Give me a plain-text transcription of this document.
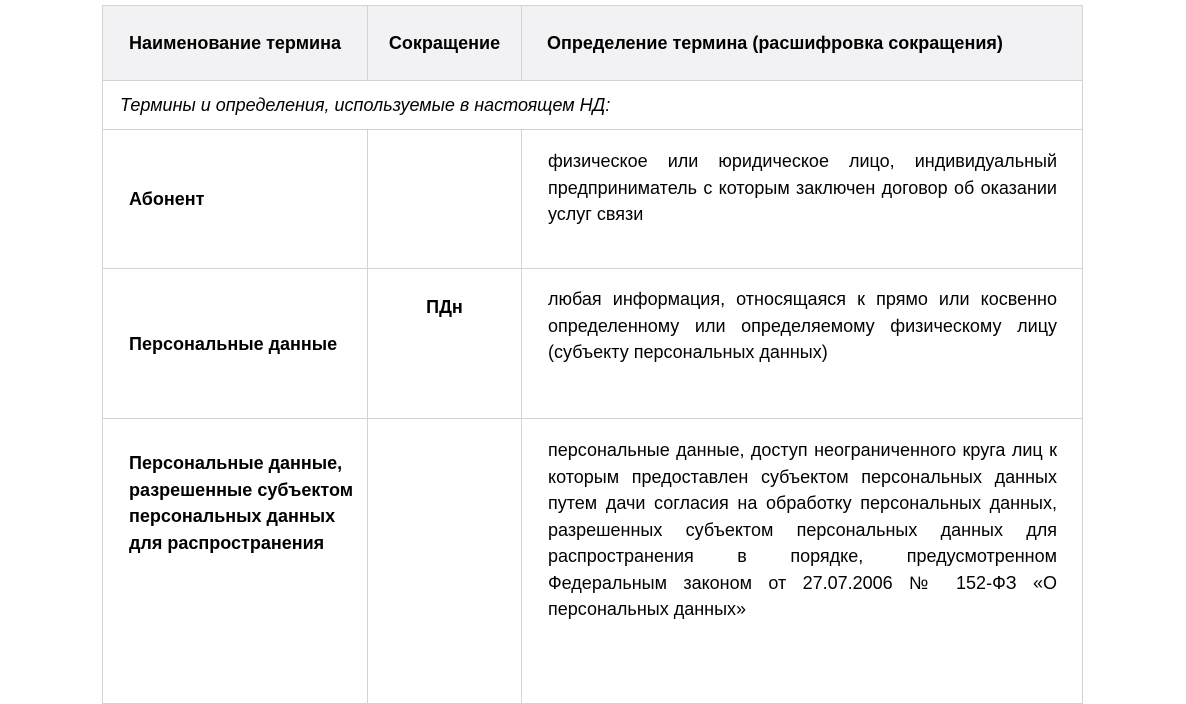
Наименование термина	Сокращение	Определение термина (расшифровка сокращения)
Термины и определения, используемые в настоящем НД:		
Абонент		физическое или юридическое лицо, индивидуальный предприниматель с которым заключен договор об оказании услуг связи
Персональные данные	ПДн	любая информация, относящаяся к прямо или косвенно определенному или определяемому физическому лицу (субъекту персональных данных)
Персональные данные, разрешенные субъектом персональных данных для распространения		персональные данные, доступ неограниченного круга лиц к которым предоставлен субъектом персональных данных путем дачи согласия на обработку персональных данных, разрешенных субъектом персональных данных для распространения в порядке, предусмотренном Федеральным законом от 27.07.2006 № 152-ФЗ «О персональных данных»
